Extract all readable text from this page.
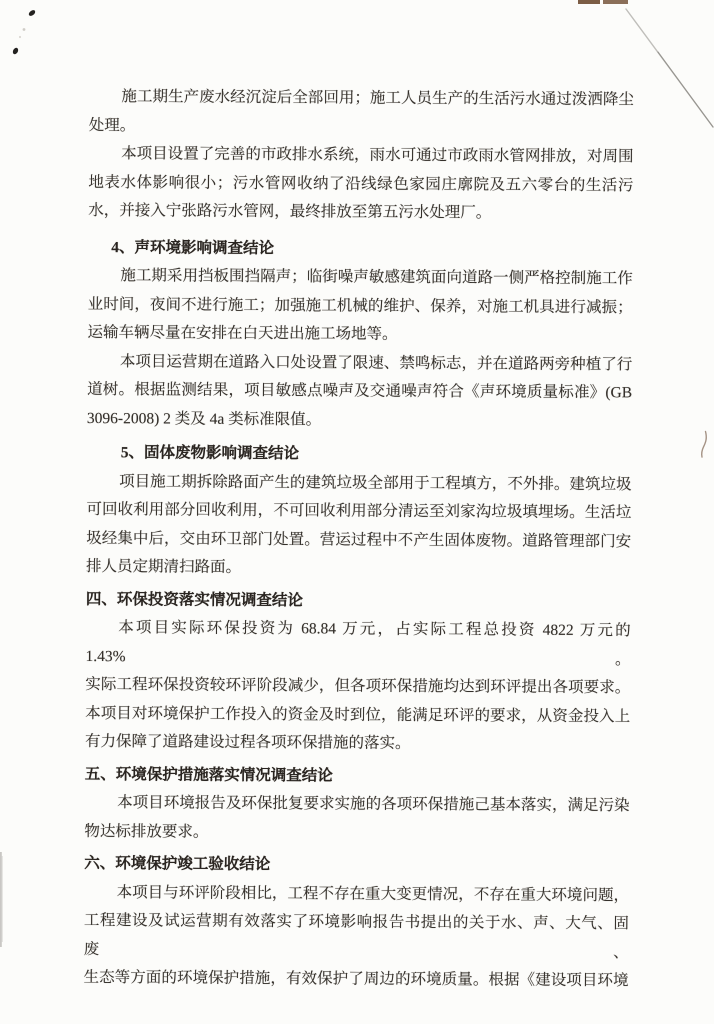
施工期生产废水经沉淀后全部回用；施工人员生产的生活污水通过泼洒降尘
处理。
本项目设置了完善的市政排水系统，雨水可通过市政雨水管网排放，对周围
地表水体影响很小；污水管网收纳了沿线绿色家园庄廓院及五六零台的生活污
水，并接入宁张路污水管网，最终排放至第五污水处理厂。
4、声环境影响调查结论
施工期采用挡板围挡隔声；临街噪声敏感建筑面向道路一侧严格控制施工作
业时间，夜间不进行施工；加强施工机械的维护、保养，对施工机具进行减振；
运输车辆尽量在安排在白天进出施工场地等。
本项目运营期在道路入口处设置了限速、禁鸣标志，并在道路两旁种植了行
道树。根据监测结果，项目敏感点噪声及交通噪声符合《声环境质量标准》(GB
3096-2008) 2 类及 4a 类标准限值。
5、固体废物影响调查结论
项目施工期拆除路面产生的建筑垃圾全部用于工程填方，不外排。建筑垃圾
可回收利用部分回收利用，不可回收利用部分清运至刘家沟垃圾填埋场。生活垃
圾经集中后，交由环卫部门处置。营运过程中不产生固体废物。道路管理部门安
排人员定期清扫路面。
四、环保投资落实情况调查结论
本项目实际环保投资为 68.84 万元，占实际工程总投资 4822 万元的 1.43%。
实际工程环保投资较环评阶段减少，但各项环保措施均达到环评提出各项要求。
本项目对环境保护工作投入的资金及时到位，能满足环评的要求，从资金投入上
有力保障了道路建设过程各项环保措施的落实。
五、环境保护措施落实情况调查结论
本项目环境报告及环保批复要求实施的各项环保措施己基本落实，满足污染
物达标排放要求。
六、环境保护竣工验收结论
本项目与环评阶段相比，工程不存在重大变更情况，不存在重大环境问题，
工程建设及试运营期有效落实了环境影响报告书提出的关于水、声、大气、固废、
生态等方面的环境保护措施，有效保护了周边的环境质量。根据《建设项目环境
